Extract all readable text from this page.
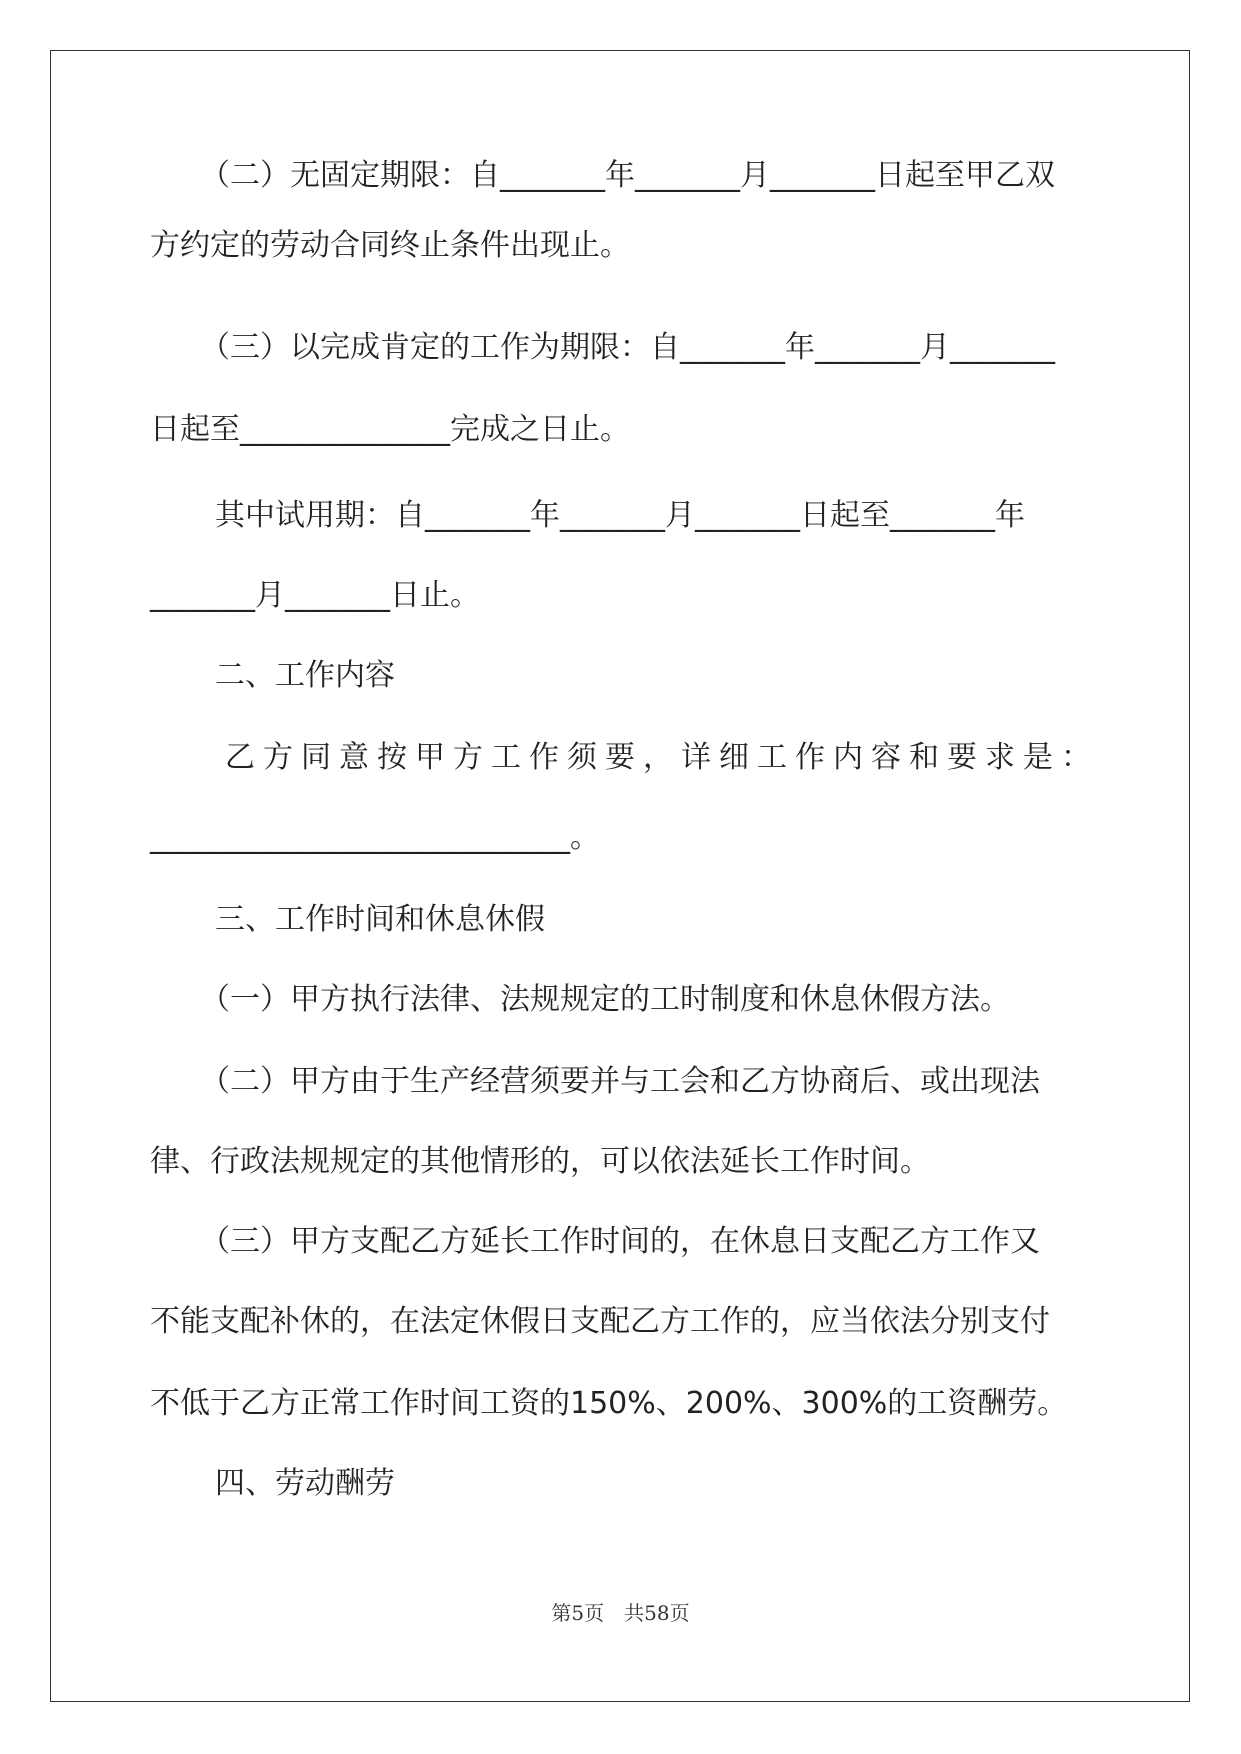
（二）无固定期限：自_______年_______月_______日起至甲乙双
方约定的劳动合同终止条件出现止。
（三）以完成肯定的工作为期限：自_______年_______月_______
日起至______________完成之日止。
其中试用期：自_______年_______月_______日起至_______年
_______月_______日止。
二、工作内容
乙方同意按甲方工作须要，详细工作内容和要求是：
____________________________。
三、工作时间和休息休假
（一）甲方执行法律、法规规定的工时制度和休息休假方法。
（二）甲方由于生产经营须要并与工会和乙方协商后、或出现法
律、行政法规规定的其他情形的，可以依法延长工作时间。
（三）甲方支配乙方延长工作时间的，在休息日支配乙方工作又
不能支配补休的，在法定休假日支配乙方工作的，应当依法分别支付
不低于乙方正常工作时间工资的150%、200%、300%的工资酬劳。
四、劳动酬劳
第5页　共58页
